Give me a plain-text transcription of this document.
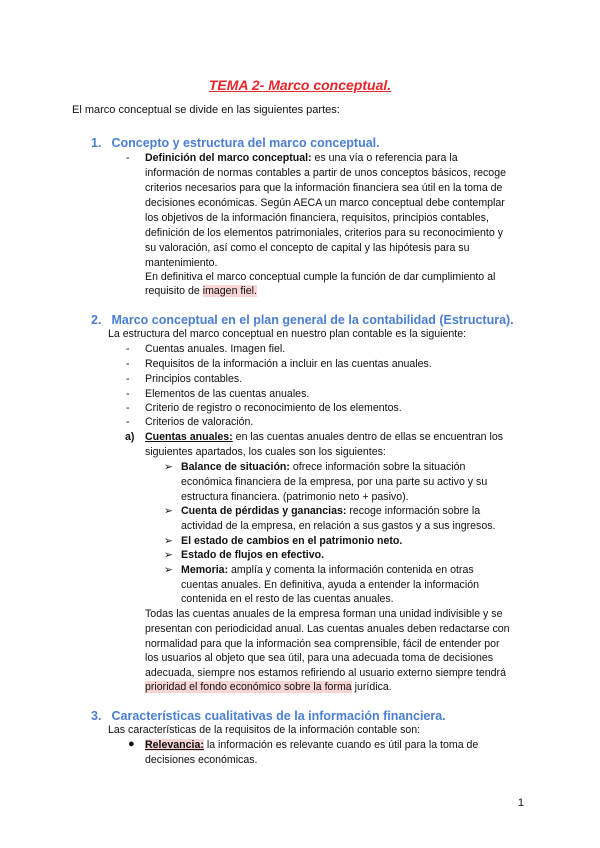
TEMA 2- Marco conceptual.
El marco conceptual se divide en las siguientes partes:
1. Concepto y estructura del marco conceptual.
- Definición del marco conceptual: es una vía o referencia para la
información de normas contables a partir de unos conceptos básicos, recoge
criterios necesarios para que la información financiera sea útil en la toma de
decisiones económicas. Según AECA un marco conceptual debe contemplar
los objetivos de la información financiera, requisitos, principios contables,
definición de los elementos patrimoniales, criterios para su reconocimiento y
su valoración, así como el concepto de capital y las hipótesis para su
mantenimiento.
En definitiva el marco conceptual cumple la función de dar cumplimiento al
requisito de imagen fiel.
2. Marco conceptual en el plan general de la contabilidad (Estructura).
La estructura del marco conceptual en nuestro plan contable es la siguiente:
- Cuentas anuales. Imagen fiel.
- Requisitos de la información a incluir en las cuentas anuales.
- Principios contables.
- Elementos de las cuentas anuales.
- Criterio de registro o reconocimiento de los elementos.
- Criterios de valoración.
a) Cuentas anuales: en las cuentas anuales dentro de ellas se encuentran los
siguientes apartados, los cuales son los siguientes:
➢ Balance de situación: ofrece información sobre la situación
económica financiera de la empresa, por una parte su activo y su
estructura financiera. (patrimonio neto + pasivo).
➢ Cuenta de pérdidas y ganancias: recoge información sobre la
actividad de la empresa, en relación a sus gastos y a sus ingresos.
➢ El estado de cambios en el patrimonio neto.
➢ Estado de flujos en efectivo.
➢ Memoria: amplía y comenta la información contenida en otras
cuentas anuales. En definitiva, ayuda a entender la información
contenida en el resto de las cuentas anuales.
Todas las cuentas anuales de la empresa forman una unidad indivisible y se
presentan con periodicidad anual. Las cuentas anuales deben redactarse con
normalidad para que la información sea comprensible, fácil de entender por
los usuarios al objeto que sea útil, para una adecuada toma de decisiones
adecuada, siempre nos estamos refiriendo al usuario externo siempre tendrá
prioridad el fondo económico sobre la forma jurídica.
3. Características cualitativas de la información financiera.
Las características de la requisitos de la información contable son:
● Relevancia: la información es relevante cuando es útil para la toma de
decisiones económicas.
1
